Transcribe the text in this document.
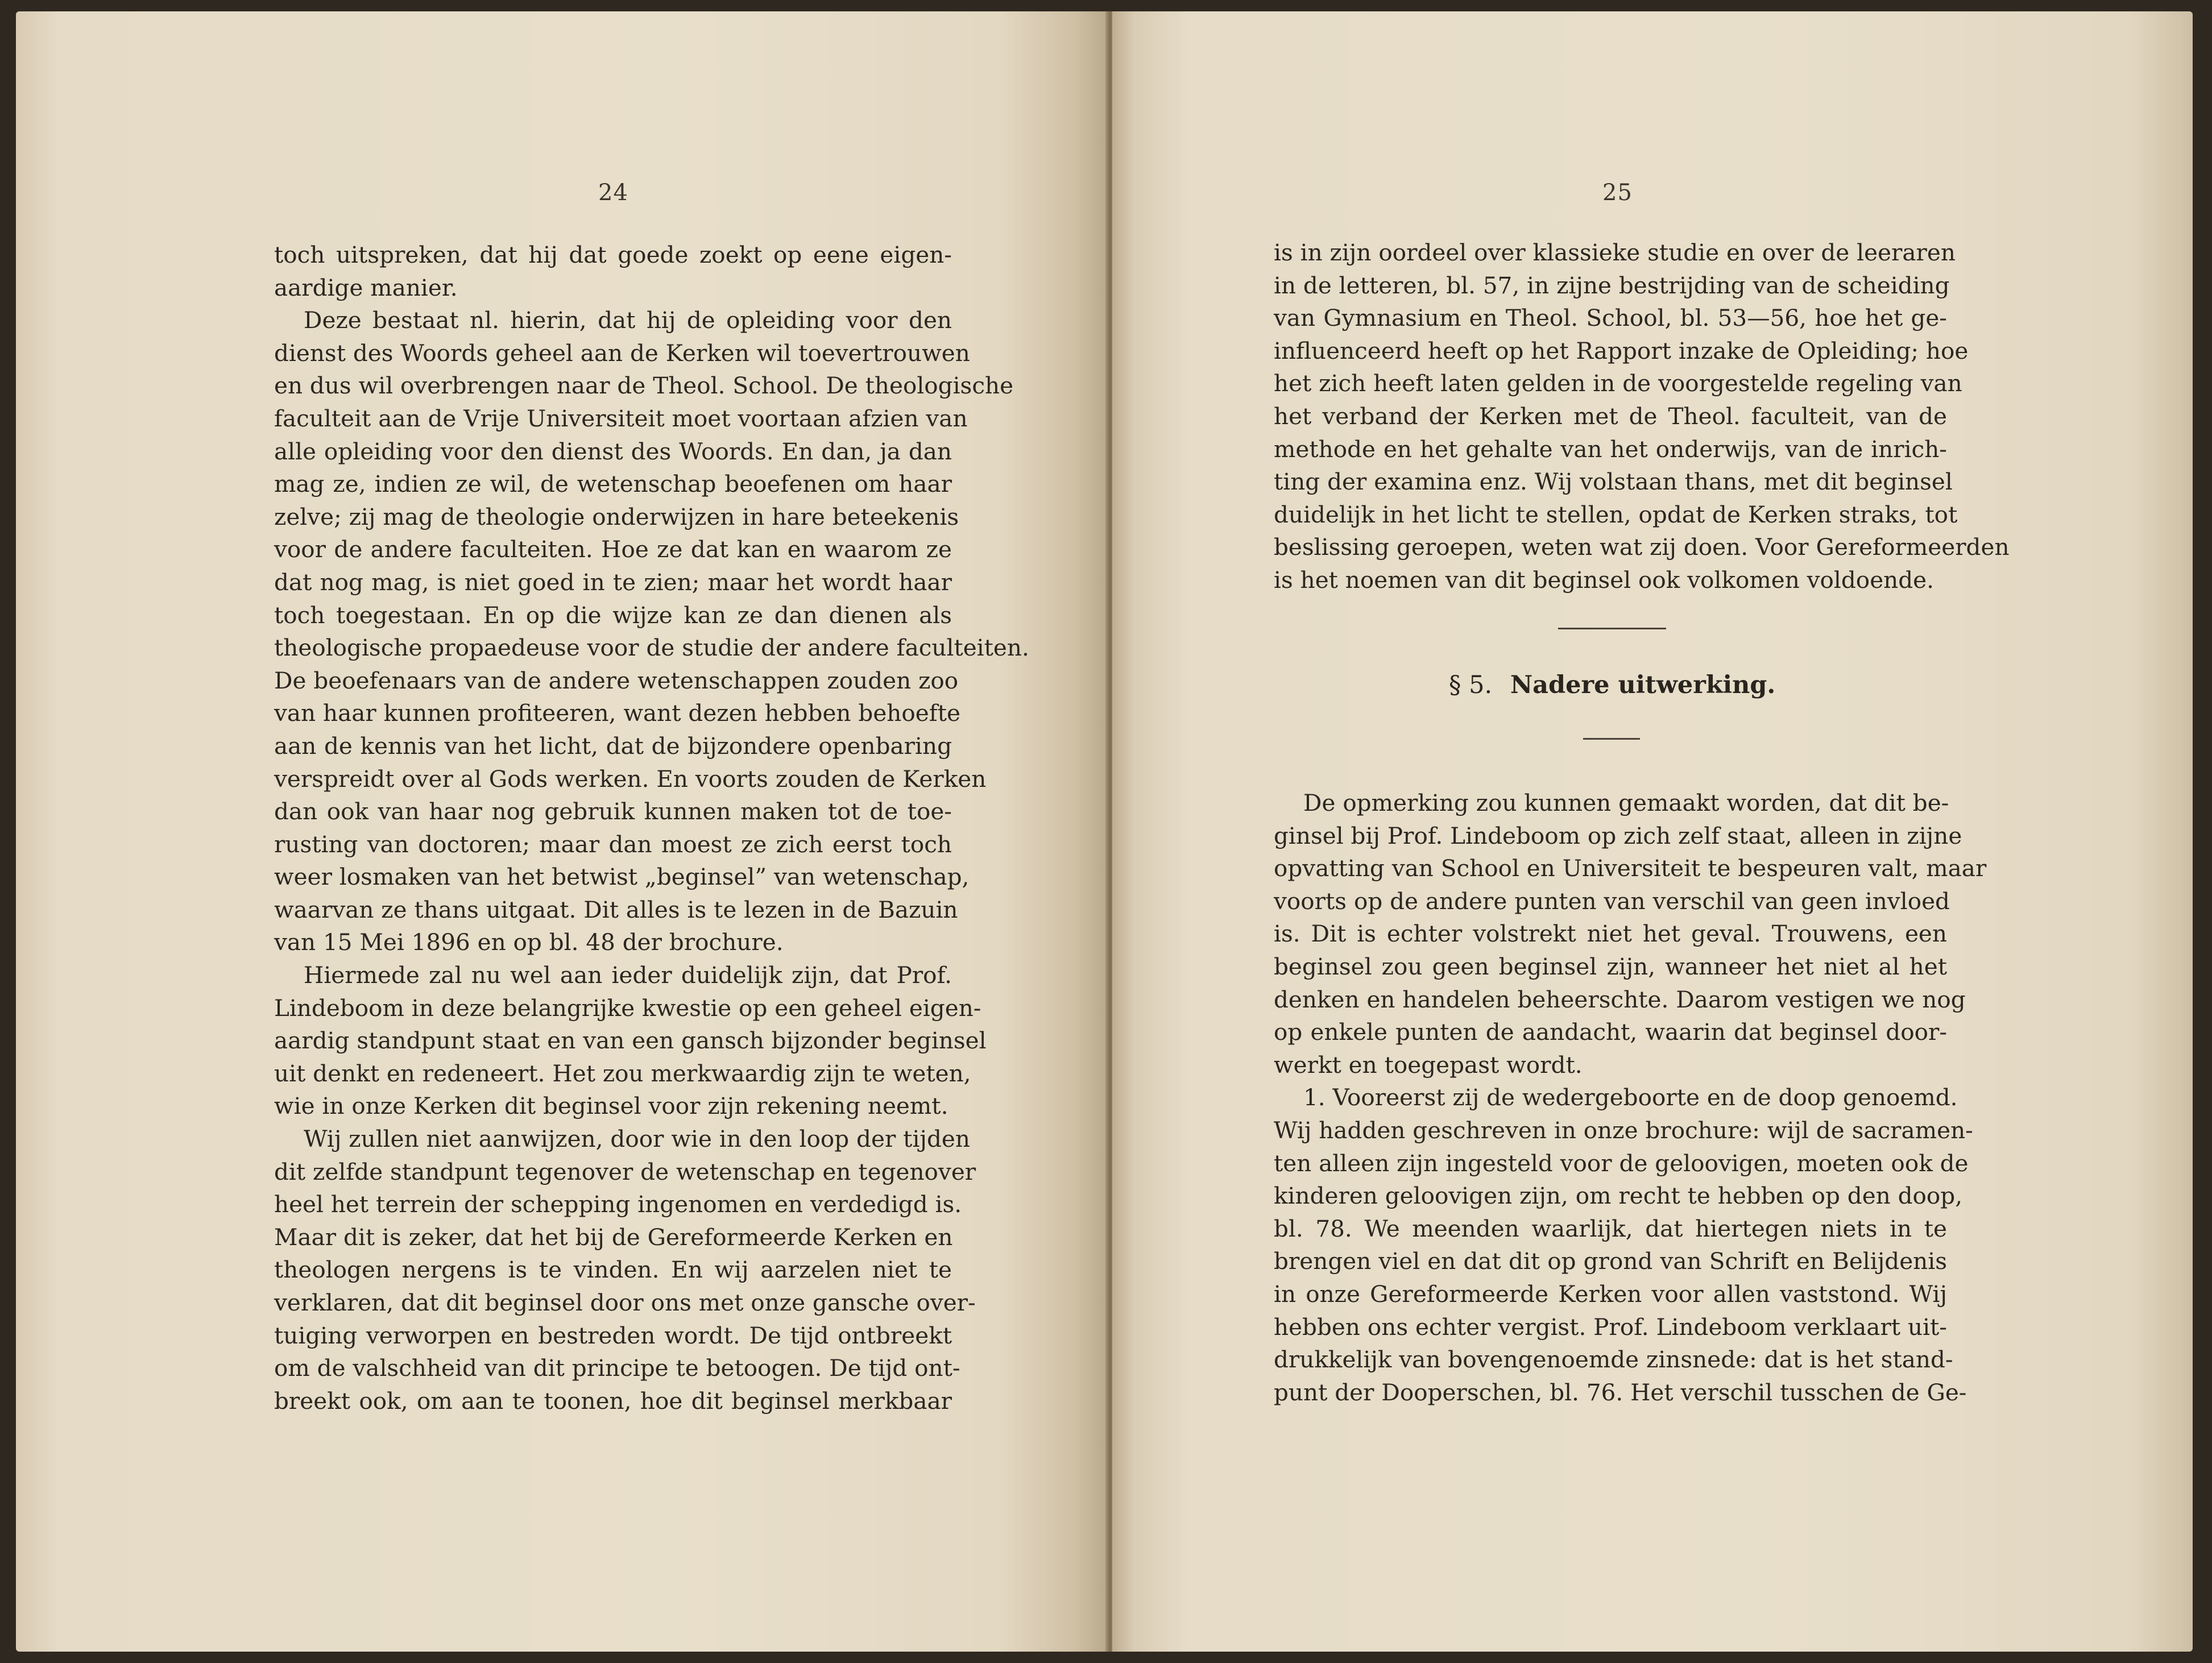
24
toch uitspreken, dat hij dat goede zoekt op eene eigen-
aardige manier.
Deze bestaat nl. hierin, dat hij de opleiding voor den
dienst des Woords geheel aan de Kerken wil toevertrouwen
en dus wil overbrengen naar de Theol. School. De theologische
faculteit aan de Vrije Universiteit moet voortaan afzien van
alle opleiding voor den dienst des Woords. En dan, ja dan
mag ze, indien ze wil, de wetenschap beoefenen om haar
zelve; zij mag de theologie onderwijzen in hare beteekenis
voor de andere faculteiten. Hoe ze dat kan en waarom ze
dat nog mag, is niet goed in te zien; maar het wordt haar
toch toegestaan. En op die wijze kan ze dan dienen als
theologische propaedeuse voor de studie der andere faculteiten.
De beoefenaars van de andere wetenschappen zouden zoo
van haar kunnen profiteeren, want dezen hebben behoefte
aan de kennis van het licht, dat de bijzondere openbaring
verspreidt over al Gods werken. En voorts zouden de Kerken
dan ook van haar nog gebruik kunnen maken tot de toe-
rusting van doctoren; maar dan moest ze zich eerst toch
weer losmaken van het betwist „beginsel” van wetenschap,
waarvan ze thans uitgaat. Dit alles is te lezen in de Bazuin
van 15 Mei 1896 en op bl. 48 der brochure.
Hiermede zal nu wel aan ieder duidelijk zijn, dat Prof.
Lindeboom in deze belangrijke kwestie op een geheel eigen-
aardig standpunt staat en van een gansch bijzonder beginsel
uit denkt en redeneert. Het zou merkwaardig zijn te weten,
wie in onze Kerken dit beginsel voor zijn rekening neemt.
Wij zullen niet aanwijzen, door wie in den loop der tijden
dit zelfde standpunt tegenover de wetenschap en tegenover
heel het terrein der schepping ingenomen en verdedigd is.
Maar dit is zeker, dat het bij de Gereformeerde Kerken en
theologen nergens is te vinden. En wij aarzelen niet te
verklaren, dat dit beginsel door ons met onze gansche over-
tuiging verworpen en bestreden wordt. De tijd ontbreekt
om de valschheid van dit principe te betoogen. De tijd ont-
breekt ook, om aan te toonen, hoe dit beginsel merkbaar
25
is in zijn oordeel over klassieke studie en over de leeraren
in de letteren, bl. 57, in zijne bestrijding van de scheiding
van Gymnasium en Theol. School, bl. 53—56, hoe het ge-
influenceerd heeft op het Rapport inzake de Opleiding; hoe
het zich heeft laten gelden in de voorgestelde regeling van
het verband der Kerken met de Theol. faculteit, van de
methode en het gehalte van het onderwijs, van de inrich-
ting der examina enz. Wij volstaan thans, met dit beginsel
duidelijk in het licht te stellen, opdat de Kerken straks, tot
beslissing geroepen, weten wat zij doen. Voor Gereformeerden
is het noemen van dit beginsel ook volkomen voldoende.
§ 5. Nadere uitwerking.
De opmerking zou kunnen gemaakt worden, dat dit be-
ginsel bij Prof. Lindeboom op zich zelf staat, alleen in zijne
opvatting van School en Universiteit te bespeuren valt, maar
voorts op de andere punten van verschil van geen invloed
is. Dit is echter volstrekt niet het geval. Trouwens, een
beginsel zou geen beginsel zijn, wanneer het niet al het
denken en handelen beheerschte. Daarom vestigen we nog
op enkele punten de aandacht, waarin dat beginsel door-
werkt en toegepast wordt.
1. Vooreerst zij de wedergeboorte en de doop genoemd.
Wij hadden geschreven in onze brochure: wijl de sacramen-
ten alleen zijn ingesteld voor de geloovigen, moeten ook de
kinderen geloovigen zijn, om recht te hebben op den doop,
bl. 78. We meenden waarlijk, dat hiertegen niets in te
brengen viel en dat dit op grond van Schrift en Belijdenis
in onze Gereformeerde Kerken voor allen vaststond. Wij
hebben ons echter vergist. Prof. Lindeboom verklaart uit-
drukkelijk van bovengenoemde zinsnede: dat is het stand-
punt der Dooperschen, bl. 76. Het verschil tusschen de Ge-
